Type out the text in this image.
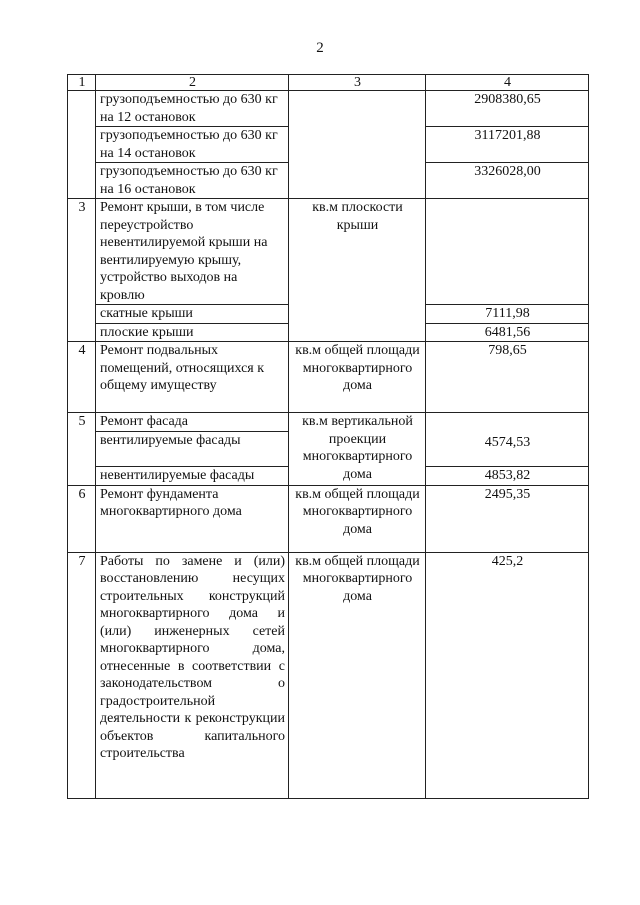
2
1	2	3	4
	грузоподъемностью до 630 кг на 12 остановок		2908380,65
	грузоподъемностью до 630 кг на 14 остановок		3117201,88
	грузоподъемностью до 630 кг на 16 остановок		3326028,00
3	Ремонт крыши, в том числе переустройство невентилируемой крыши на вентилируемую крышу, устройство выходов на кровлю	кв.м плоскости крыши	
	скатные крыши		7111,98
	плоские крыши		6481,56
4	Ремонт подвальных помещений, относящихся к общему имуществу	кв.м общей площади многоквартирного дома	798,65
5	Ремонт фасада	кв.м вертикальной проекции многоквартирного дома	
	вентилируемые фасады		4574,53
	невентилируемые фасады		4853,82
6	Ремонт фундамента многоквартирного дома	кв.м общей площади многоквартирного дома	2495,35
7	Работы по замене и (или) восстановлению несущих строительных конструкций многоквартирного дома и (или) инженерных сетей многоквартирного дома, отнесенные в соответствии с законодательством о градостроительной деятельности к реконструкции объектов капитального строительства	кв.м общей площади многоквартирного дома	425,2
